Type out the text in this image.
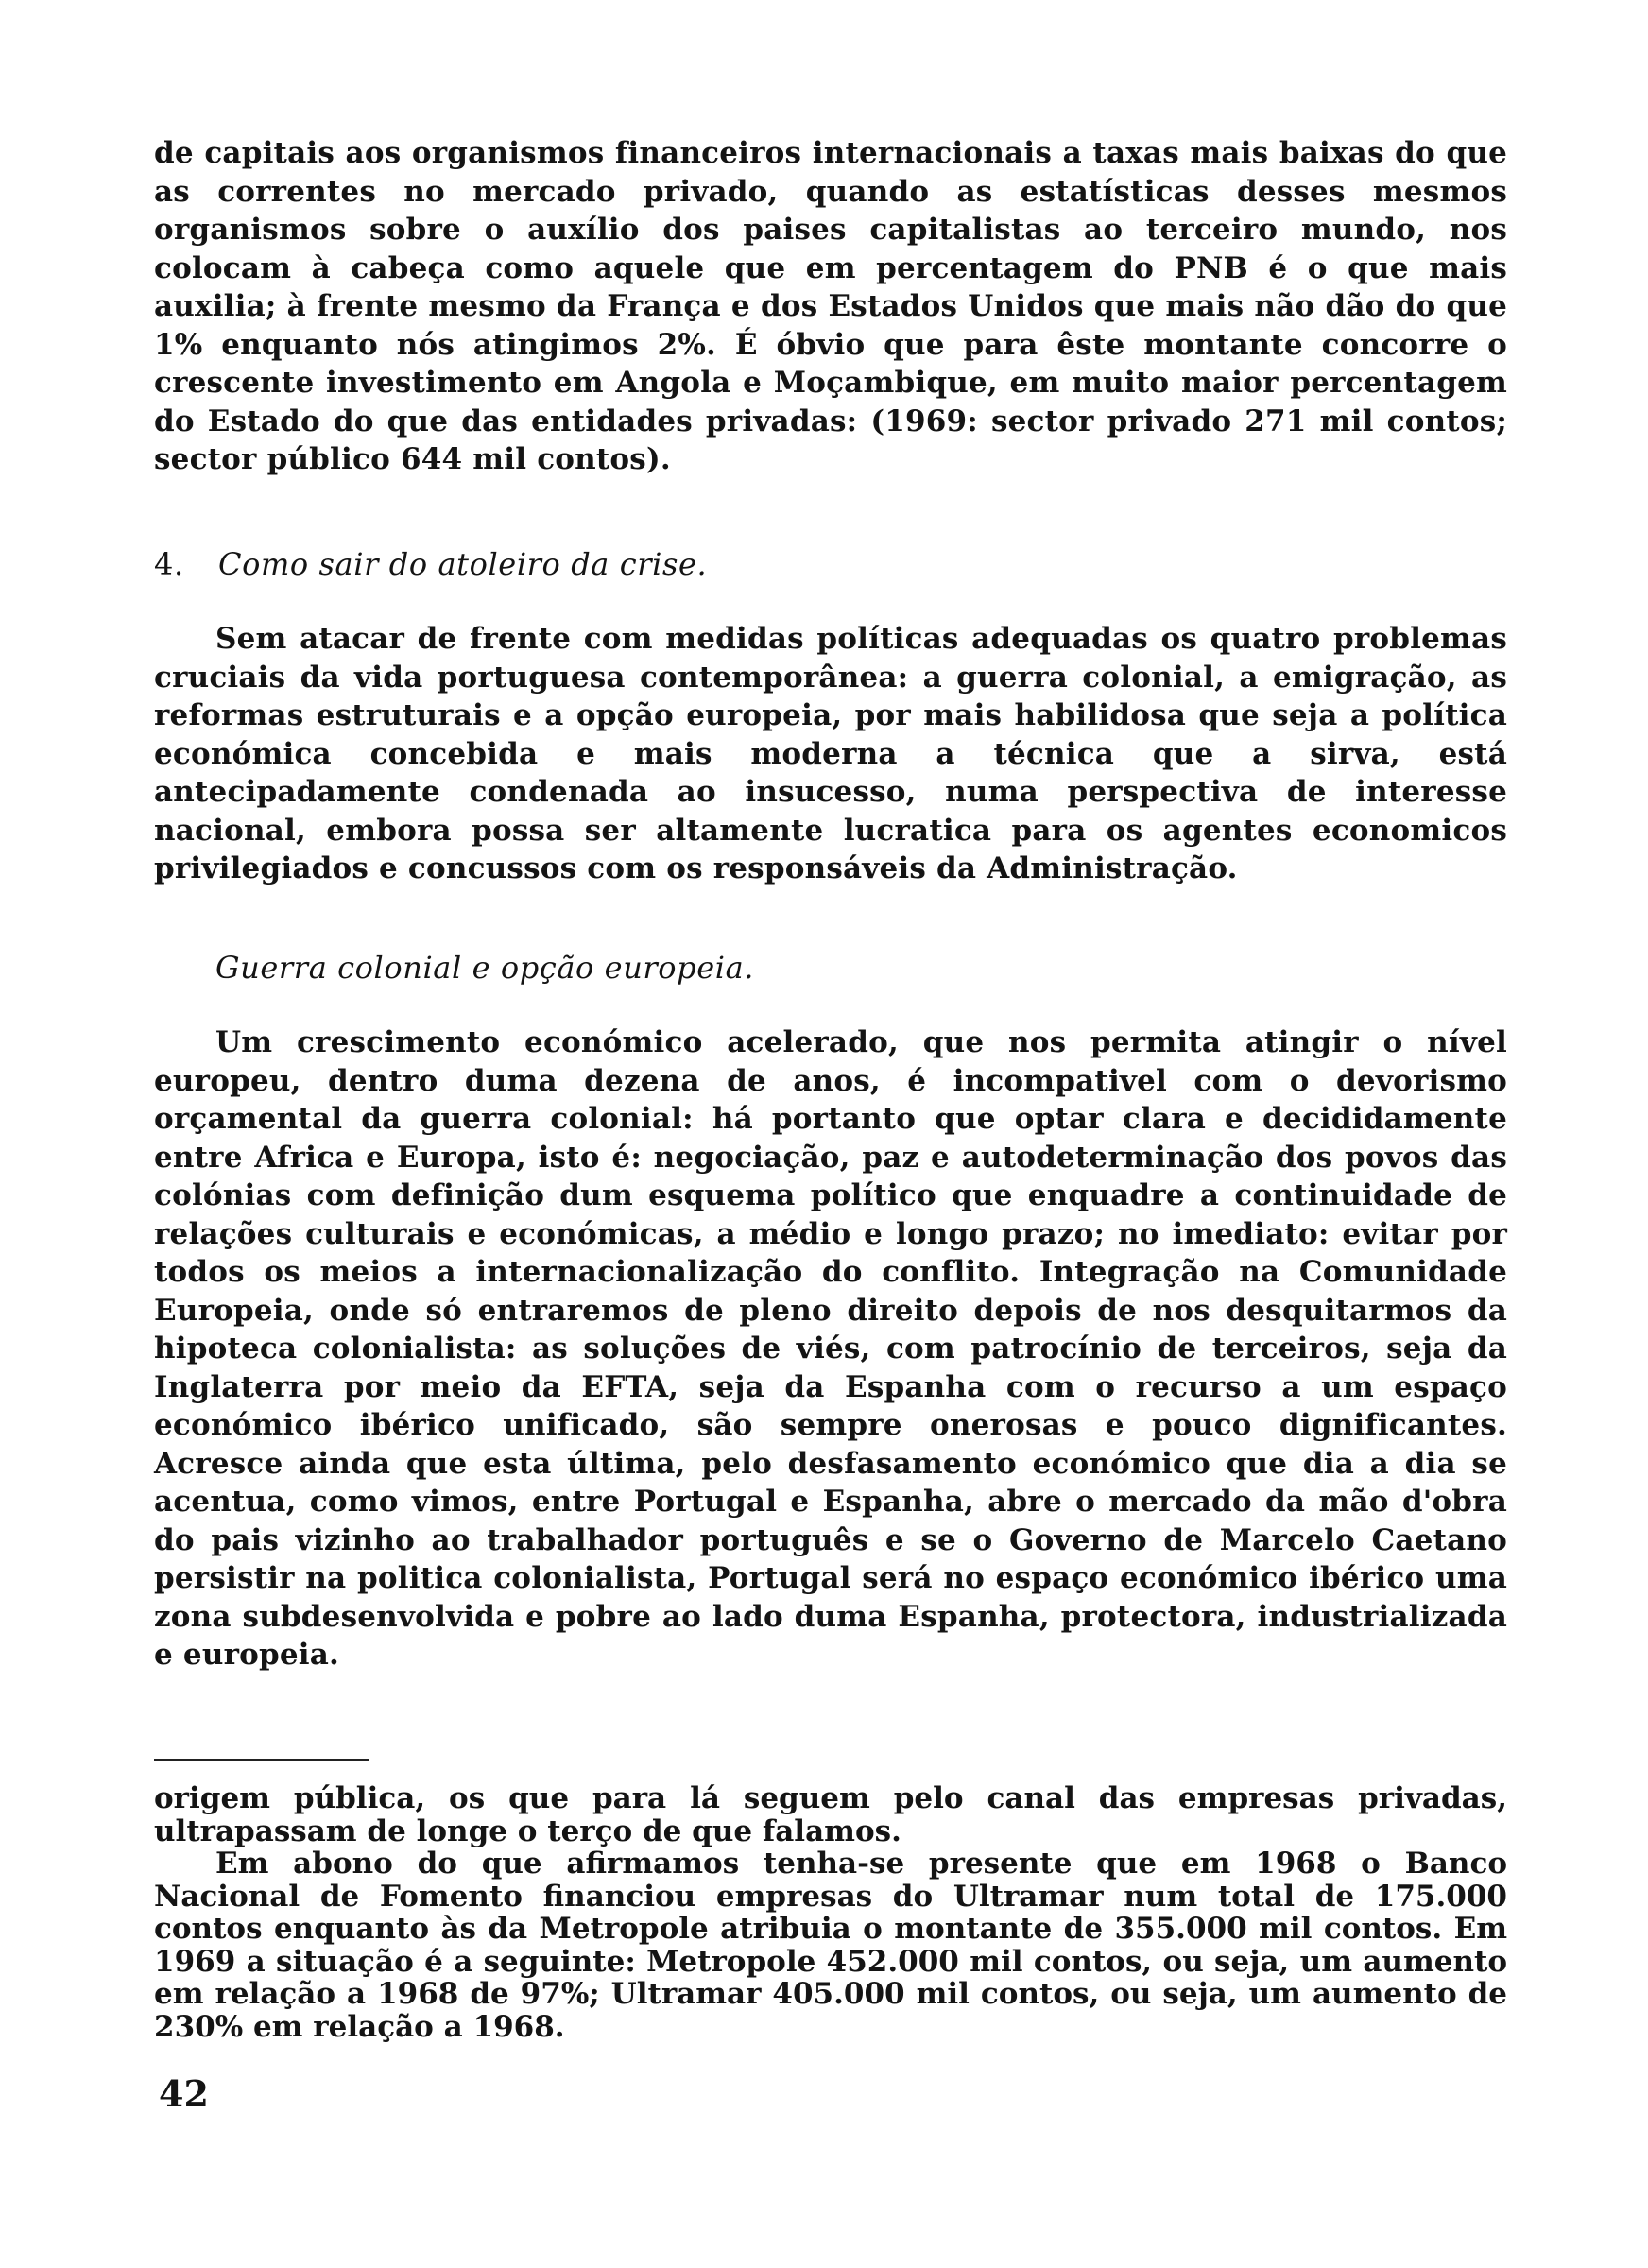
de capitais aos organismos financeiros internacionais a taxas mais baixas do que as correntes no mercado privado, quando as estatísticas desses mesmos organismos sobre o auxílio dos paises capitalistas ao terceiro mundo, nos colocam à cabeça como aquele que em percentagem do PNB é o que mais auxilia; à frente mesmo da França e dos Estados Unidos que mais não dão do que 1% enquanto nós atingimos 2%. É óbvio que para êste montante concorre o crescente investimento em Angola e Moçambique, em muito maior percentagem do Estado do que das entidades privadas: (1969: sector privado 271 mil contos; sector público 644 mil contos).
4. Como sair do atoleiro da crise.
Sem atacar de frente com medidas políticas adequadas os quatro problemas cruciais da vida portuguesa contemporânea: a guerra colonial, a emigração, as reformas estruturais e a opção europeia, por mais habilidosa que seja a política económica concebida e mais moderna a técnica que a sirva, está antecipadamente condenada ao insucesso, numa perspectiva de interesse nacional, embora possa ser altamente lucratica para os agentes economicos privilegiados e concussos com os responsáveis da Administração.
Guerra colonial e opção europeia.
Um crescimento económico acelerado, que nos permita atingir o nível europeu, dentro duma dezena de anos, é incompativel com o devorismo orçamental da guerra colonial: há portanto que optar clara e decididamente entre Africa e Europa, isto é: negociação, paz e autodeterminação dos povos das colónias com definição dum esquema político que enquadre a continuidade de relações culturais e económicas, a médio e longo prazo; no imediato: evitar por todos os meios a internacionalização do conflito. Integração na Comunidade Europeia, onde só entraremos de pleno direito depois de nos desquitarmos da hipoteca colonialista: as soluções de viés, com patrocínio de terceiros, seja da Inglaterra por meio da EFTA, seja da Espanha com o recurso a um espaço económico ibérico unificado, são sempre onerosas e pouco dignificantes. Acresce ainda que esta última, pelo desfasamento económico que dia a dia se acentua, como vimos, entre Portugal e Espanha, abre o mercado da mão d'obra do pais vizinho ao trabalhador português e se o Governo de Marcelo Caetano persistir na politica colonialista, Portugal será no espaço económico ibérico uma zona subdesenvolvida e pobre ao lado duma Espanha, protectora, industrializada e europeia.

origem pública, os que para lá seguem pelo canal das empresas privadas, ultrapassam de longe o terço de que falamos.

Em abono do que afirmamos tenha-se presente que em 1968 o Banco Nacional de Fomento financiou empresas do Ultramar num total de 175.000 contos enquanto às da Metropole atribuia o montante de 355.000 mil contos. Em 1969 a situação é a seguinte: Metropole 452.000 mil contos, ou seja, um aumento em relação a 1968 de 97%; Ultramar 405.000 mil contos, ou seja, um aumento de 230% em relação a 1968.

42
